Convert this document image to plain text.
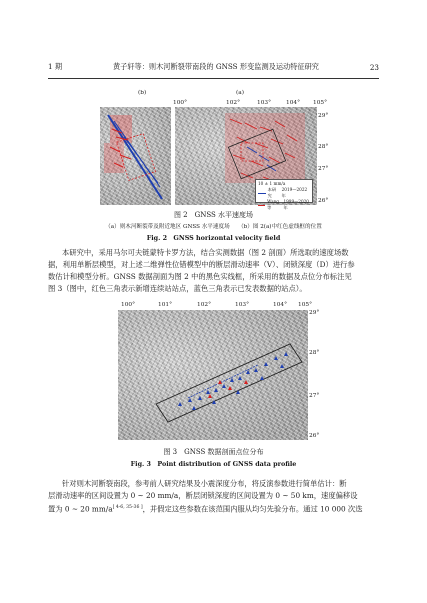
1 期	黄子轩等：则木河断裂带南段的 GNSS 形变监测及运动特征研究	23
(b)	(a)
100°	102°	103°	104° 105°
29°
28°
27°
26°
10 ± 1 mm/a
本研究
2019—2022年
Wang等
1999—2020年
图 2　GNSS 水平速度场
（a）则木河断裂带及附近地区 GNSS 水平速度场　　（b）图 2(a)中红色虚线框的位置
Fig. 2　GNSS horizontal velocity field
本研究中，采用马尔可夫链蒙特卡罗方法，结合实测数据（图 2 剖面）所选取的速度场数
据，利用单断层模型，对上述二维弹性位错模型中的断层滑动速率（V）、闭锁深度（D）进行参
数估计和模型分析。GNSS 数据剖面为图 2 中的黑色实线框，所采用的数据及点位分布标注见
图 3（图中，红色三角表示新增连续站站点，蓝色三角表示已发表数据的站点）。
100°	101°	102°	103°	104° 105°
29°
28°
27°
26°
图 3　GNSS 数据剖面点位分布
Fig. 3　Point distribution of GNSS data profile
针对则木河断裂南段，参考前人研究结果及小震深度分布，将反演参数进行简单估计：断
层滑动速率的区间设置为 0 ~ 20 mm/a，断层闭锁深度的区间设置为 0 ~ 50 km，速度偏移设
置为 0 ~ 20 mm/a[ 4-6, 35-36 ]，并假定这些参数在该范围内服从均匀先验分布。通过 10 000 次迭
